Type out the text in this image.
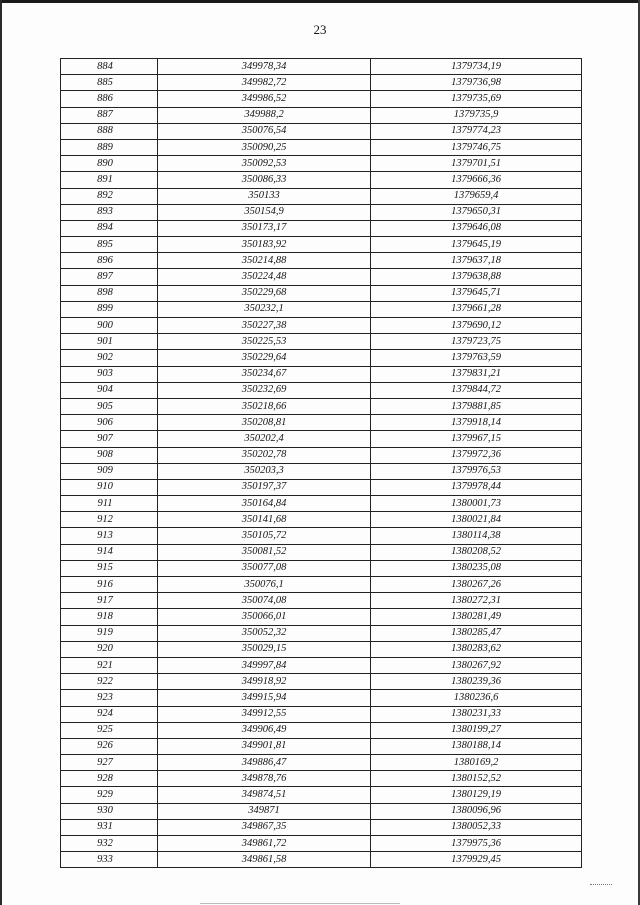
23
884	349978,34	1379734,19
885	349982,72	1379736,98
886	349986,52	1379735,69
887	349988,2	1379735,9
888	350076,54	1379774,23
889	350090,25	1379746,75
890	350092,53	1379701,51
891	350086,33	1379666,36
892	350133	1379659,4
893	350154,9	1379650,31
894	350173,17	1379646,08
895	350183,92	1379645,19
896	350214,88	1379637,18
897	350224,48	1379638,88
898	350229,68	1379645,71
899	350232,1	1379661,28
900	350227,38	1379690,12
901	350225,53	1379723,75
902	350229,64	1379763,59
903	350234,67	1379831,21
904	350232,69	1379844,72
905	350218,66	1379881,85
906	350208,81	1379918,14
907	350202,4	1379967,15
908	350202,78	1379972,36
909	350203,3	1379976,53
910	350197,37	1379978,44
911	350164,84	1380001,73
912	350141,68	1380021,84
913	350105,72	1380114,38
914	350081,52	1380208,52
915	350077,08	1380235,08
916	350076,1	1380267,26
917	350074,08	1380272,31
918	350066,01	1380281,49
919	350052,32	1380285,47
920	350029,15	1380283,62
921	349997,84	1380267,92
922	349918,92	1380239,36
923	349915,94	1380236,6
924	349912,55	1380231,33
925	349906,49	1380199,27
926	349901,81	1380188,14
927	349886,47	1380169,2
928	349878,76	1380152,52
929	349874,51	1380129,19
930	349871	1380096,96
931	349867,35	1380052,33
932	349861,72	1379975,36
933	349861,58	1379929,45
